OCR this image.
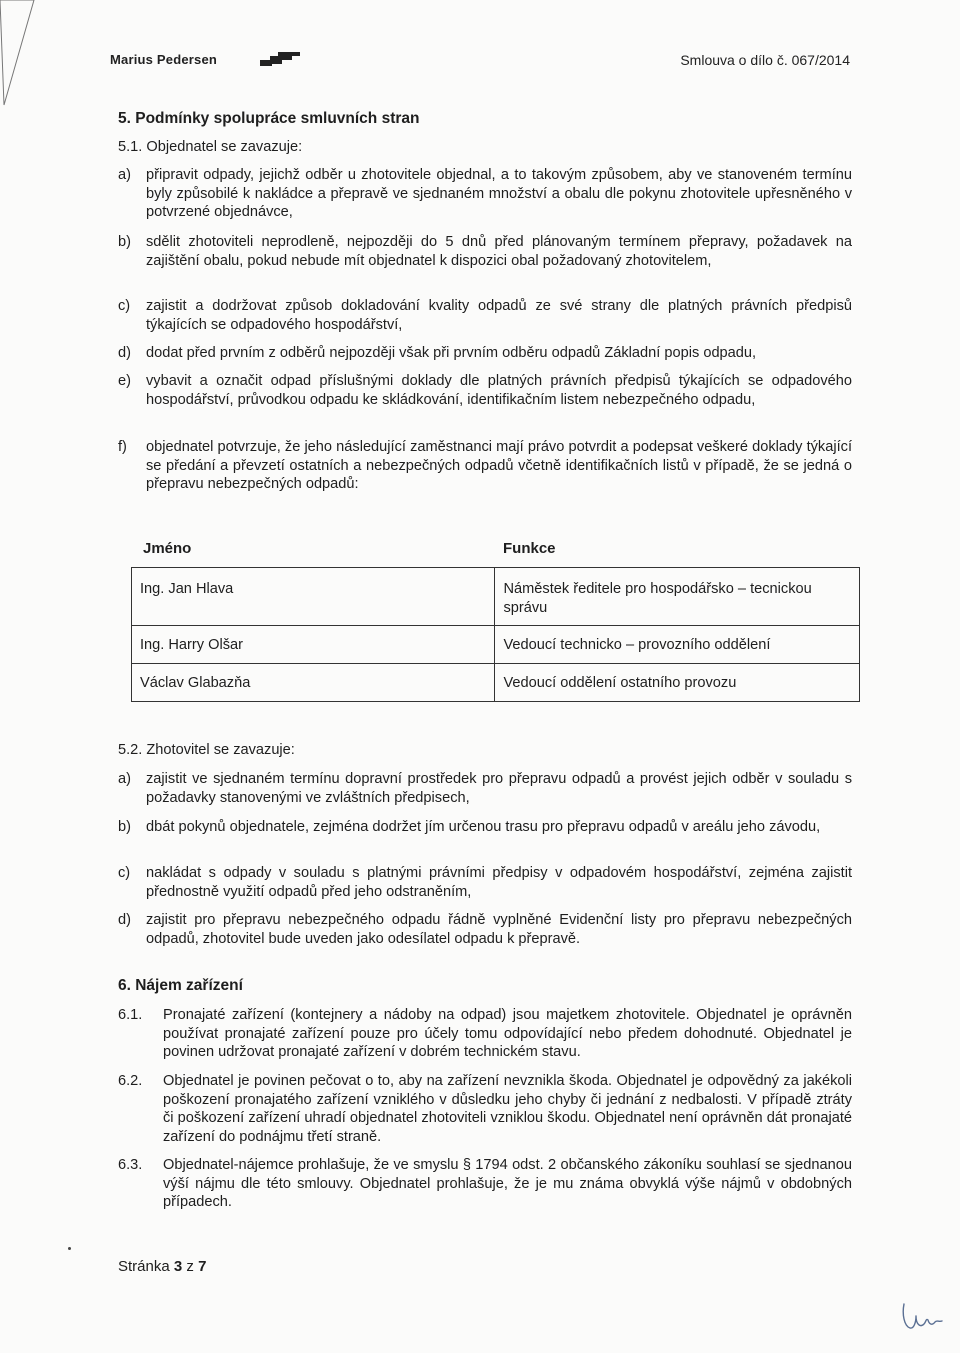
Marius Pedersen	Smlouva o dílo č. 067/2014
5. Podmínky spolupráce smluvních stran
5.1. Objednatel se zavazuje:
a) připravit odpady, jejichž odběr u zhotovitele objednal, a to takovým způsobem, aby ve stanoveném termínu byly způsobilé k nakládce a přepravě ve sjednaném množství a obalu dle pokynu zhotovitele upřesněného v potvrzené objednávce,
b) sdělit zhotoviteli neprodleně, nejpozději do 5 dnů před plánovaným termínem přepravy, požadavek na zajištění obalu, pokud nebude mít objednatel k dispozici obal požadovaný zhotovitelem,
c) zajistit a dodržovat způsob dokladování kvality odpadů ze své strany dle platných právních předpisů týkajících se odpadového hospodářství,
d) dodat před prvním z odběrů nejpozději však při prvním odběru odpadů Základní popis odpadu,
e) vybavit a označit odpad příslušnými doklady dle platných právních předpisů týkajících se odpadového hospodářství, průvodkou odpadu ke skládkování, identifikačním listem nebezpečného odpadu,
f) objednatel potvrzuje, že jeho následující zaměstnanci mají právo potvrdit a podepsat veškeré doklady týkající se předání a převzetí ostatních a nebezpečných odpadů včetně identifikačních listů v případě, že se jedná o přepravu nebezpečných odpadů:
Jméno	Funkce
Ing. Jan Hlava	Náměstek ředitele pro hospodářsko – tecnickou správu
Ing. Harry Olšar	Vedoucí technicko – provozního oddělení
Václav Glabazňa	Vedoucí oddělení ostatního provozu
5.2. Zhotovitel se zavazuje:
a) zajistit ve sjednaném termínu dopravní prostředek pro přepravu odpadů a provést jejich odběr v souladu s požadavky stanovenými ve zvláštních předpisech,
b) dbát pokynů objednatele, zejména dodržet jím určenou trasu pro přepravu odpadů v areálu jeho závodu,
c) nakládat s odpady v souladu s platnými právními předpisy v odpadovém hospodářství, zejména zajistit přednostně využití odpadů před jeho odstraněním,
d) zajistit pro přepravu nebezpečného odpadu řádně vyplněné Evidenční listy pro přepravu nebezpečných odpadů, zhotovitel bude uveden jako odesílatel odpadu k přepravě.
6. Nájem zařízení
6.1. Pronajaté zařízení (kontejnery a nádoby na odpad) jsou majetkem zhotovitele. Objednatel je oprávněn používat pronajaté zařízení pouze pro účely tomu odpovídající nebo předem dohodnuté. Objednatel je povinen udržovat pronajaté zařízení v dobrém technickém stavu.
6.2. Objednatel je povinen pečovat o to, aby na zařízení nevznikla škoda. Objednatel je odpovědný za jakékoli poškození pronajatého zařízení vzniklého v důsledku jeho chyby či jednání z nedbalosti. V případě ztráty či poškození zařízení uhradí objednatel zhotoviteli vzniklou škodu. Objednatel není oprávněn dát pronajaté zařízení do podnájmu třetí straně.
6.3. Objednatel-nájemce prohlašuje, že ve smyslu § 1794 odst. 2 občanského zákoníku souhlasí se sjednanou výší nájmu dle této smlouvy. Objednatel prohlašuje, že je mu známa obvyklá výše nájmů v obdobných případech.
Stránka 3 z 7
